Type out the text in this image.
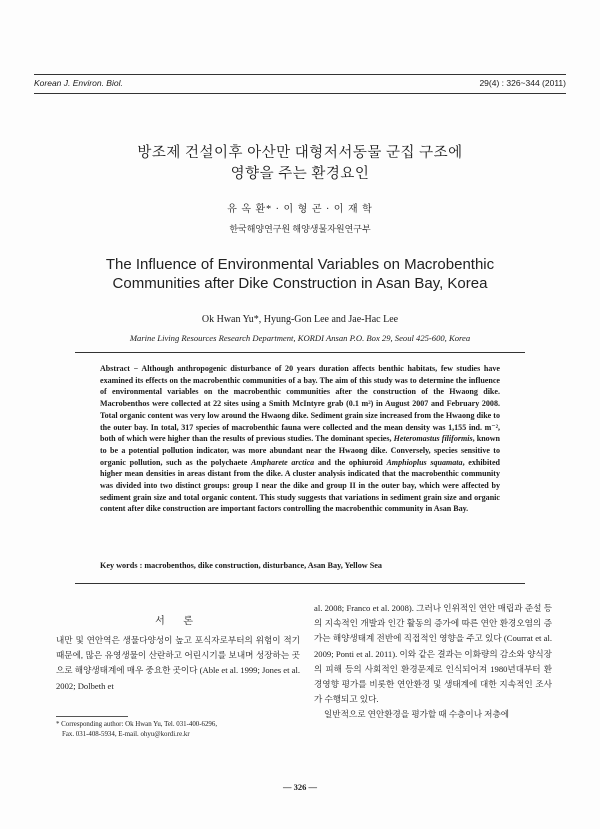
Korean J. Environ. Biol.	29(4) : 326~344 (2011)
방조제 건설이후 아산만 대형저서동물 군집 구조에
영향을 주는 환경요인
유 옥 환* · 이 형 곤 · 이 재 학
한국해양연구원 해양생물자원연구부
The Influence of Environmental Variables on Macrobenthic
Communities after Dike Construction in Asan Bay, Korea
Ok Hwan Yu*, Hyung-Gon Lee and Jae-Hac Lee
Marine Living Resources Research Department, KORDI Ansan P.O. Box 29, Seoul 425-600, Korea
Abstract − Although anthropogenic disturbance of 20 years duration affects benthic habitats, few studies have examined its effects on the macrobenthic communities of a bay. The aim of this study was to determine the influence of environmental variables on the macrobenthic communities after the construction of the Hwaong dike. Macrobenthos were collected at 22 sites using a Smith McIntyre grab (0.1 m²) in August 2007 and February 2008. Total organic content was very low around the Hwaong dike. Sediment grain size increased from the Hwaong dike to the outer bay. In total, 317 species of macrobenthic fauna were collected and the mean density was 1,155 ind. m⁻², both of which were higher than the results of previous studies. The dominant species, Heteromastus filiformis, known to be a potential pollution indicator, was more abundant near the Hwaong dike. Conversely, species sensitive to organic pollution, such as the polychaete Ampharete arctica and the ophiuroid Amphioplus squamata, exhibited higher mean densities in areas distant from the dike. A cluster analysis indicated that the macrobenthic community was divided into two distinct groups: group I near the dike and group II in the outer bay, which were affected by sediment grain size and total organic content. This study suggests that variations in sediment grain size and organic content after dike construction are important factors controlling the macrobenthic community in Asan Bay.
Key words : macrobenthos, dike construction, disturbance, Asan Bay, Yellow Sea
서 론
내만 및 연안역은 생물다양성이 높고 포식자로부터의 위험이 적기 때문에, 많은 유영생물이 산란하고 어린시기를 보내며 성장하는 곳으로 해양생태계에 매우 중요한 곳이다 (Able et al. 1999; Jones et al. 2002; Dolbeth et
al. 2008; Franco et al. 2008). 그러나 인위적인 연안 매립과 준설 등의 지속적인 개발과 인간 활동의 증가에 따른 연안 환경오염의 증가는 해양생태계 전반에 직접적인 영향을 주고 있다 (Courrat et al. 2009; Ponti et al. 2011). 이와 같은 결과는 이화량의 감소와 양식장의 피해 등의 사회적인 환경문제로 인식되어져 1980년대부터 환경영향 평가를 비롯한 연안환경 및 생태계에 대한 지속적인 조사가 수행되고 있다.
일반적으로 연안환경을 평가할 때 수층이나 저층에
* Corresponding author: Ok Hwan Yu, Tel. 031-400-6296,
Fax. 031-408-5934, E-mail. ohyu@kordi.re.kr
— 326 —
